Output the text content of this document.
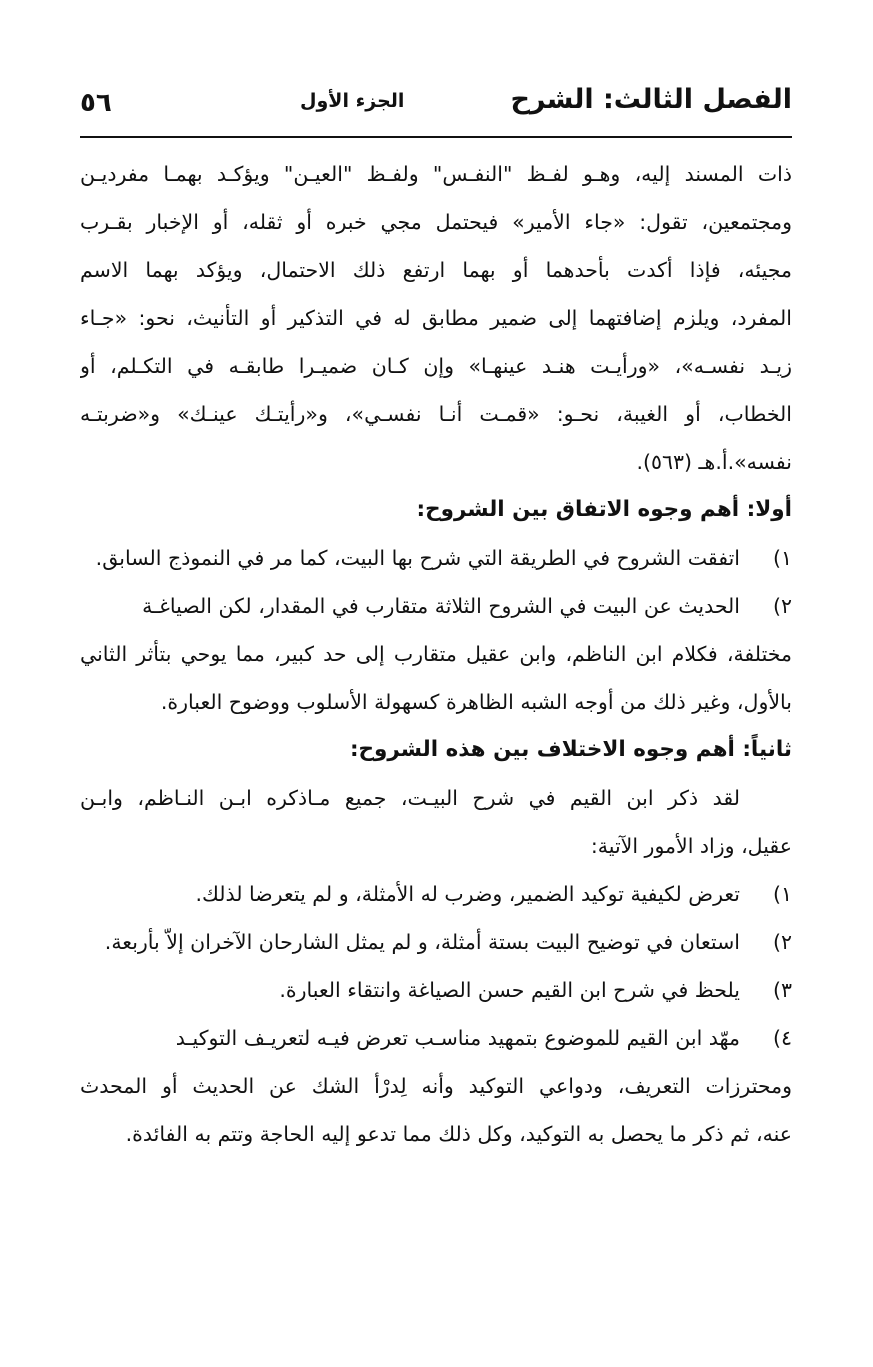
الفصل الثالث: الشرح
الجزء الأول
٥٦
ذات المسند إليه، وهـو لفـظ "النفـس" ولفـظ "العيـن" ويؤكـد بهمـا مفرديـن
ومجتمعين، تقول: «جاء الأمير» فيحتمل مجي خبره أو ثقله، أو الإخبار بقـرب
مجيئه، فإذا أكدت بأحدهما أو بهما ارتفع ذلك الاحتمال، ويؤكد بهما الاسم
المفرد، ويلزم إضافتهما إلى ضمير مطابق له في التذكير أو التأنيث، نحو: «جـاء
زيـد نفسـه»، «ورأيـت هنـد عينهـا» وإن كـان ضميـرا طابقـه في التكـلم، أو
الخطاب، أو الغيبة، نحـو: «قمـت أنـا نفسـي»، و«رأيتـك عينـك» و«ضربتـه
نفسه».أ.هـ (٥٦٣).
أولا: أهم وجوه الاتفاق بين الشروح:
١)اتفقت الشروح في الطريقة التي شرح بها البيت، كما مر في النموذج السابق.
٢)الحديث عن البيت في الشروح الثلاثة متقارب في المقدار، لكن الصياغـة
مختلفة، فكلام ابن الناظم، وابن عقيل متقارب إلى حد كبير، مما يوحي بتأثر الثاني
بالأول، وغير ذلك من أوجه الشبه الظاهرة كسهولة الأسلوب ووضوح العبارة.
ثانياً: أهم وجوه الاختلاف بين هذه الشروح:
لقد ذكر ابن القيم في شرح البيـت، جميع مـاذكره ابـن النـاظم، وابـن
عقيل، وزاد الأمور الآتية:
١)تعرض لكيفية توكيد الضمير، وضرب له الأمثلة، و لم يتعرضا لذلك.
٢)استعان في توضيح البيت بستة أمثلة، و لم يمثل الشارحان الآخران إلاّ بأربعة.
٣)يلحظ في شرح ابن القيم حسن الصياغة وانتقاء العبارة.
٤)مهّد ابن القيم للموضوع بتمهيد مناسـب تعرض فيـه لتعريـف التوكيـد
ومحترزات التعريف، ودواعي التوكيد وأنه لِدرْأ الشك عن الحديث أو المحدث
عنه، ثم ذكر ما يحصل به التوكيد، وكل ذلك مما تدعو إليه الحاجة وتتم به الفائدة.
